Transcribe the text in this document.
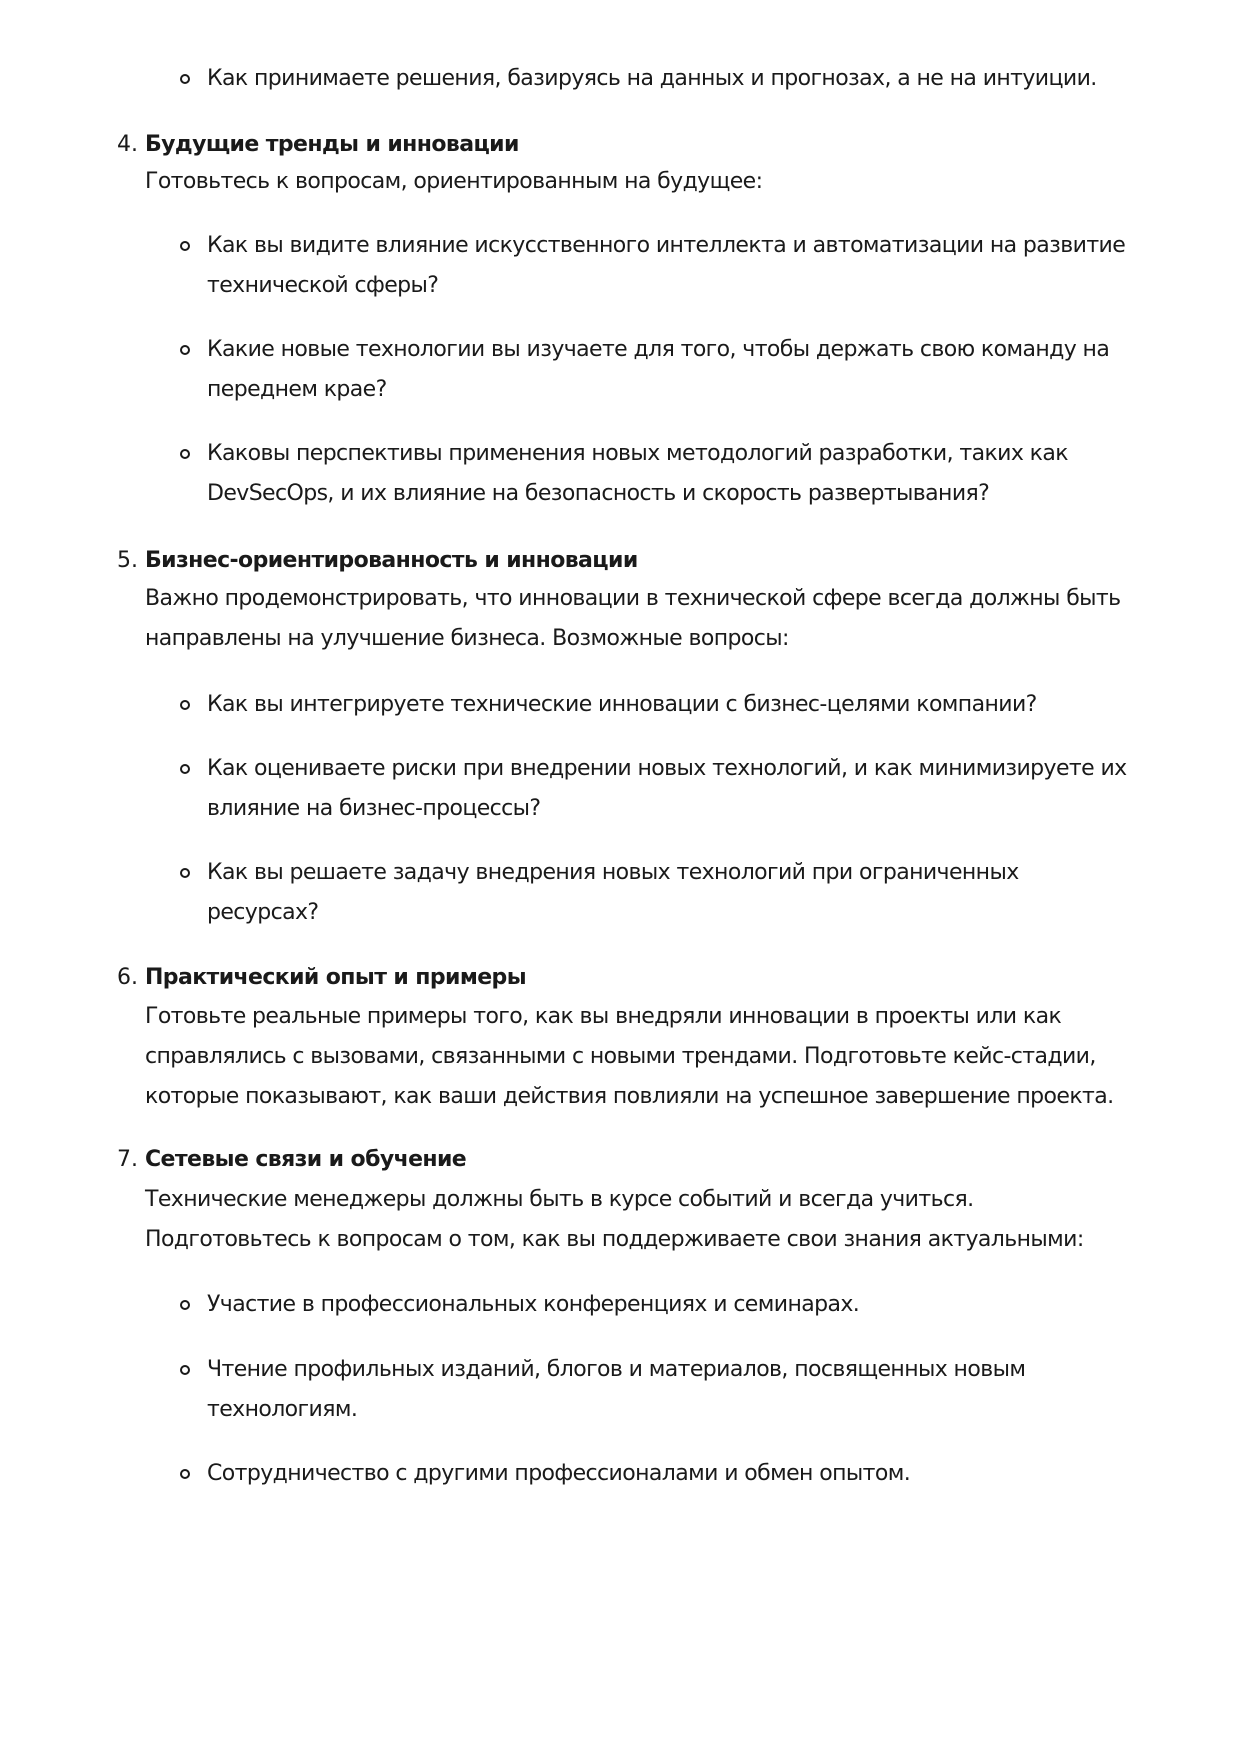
Как принимаете решения, базируясь на данных и прогнозах, а не на интуиции.
4. Будущие тренды и инновации
Готовьтесь к вопросам, ориентированным на будущее:
Как вы видите влияние искусственного интеллекта и автоматизации на развитие технической сферы?
Какие новые технологии вы изучаете для того, чтобы держать свою команду на переднем крае?
Каковы перспективы применения новых методологий разработки, таких как DevSecOps, и их влияние на безопасность и скорость развертывания?
5. Бизнес-ориентированность и инновации
Важно продемонстрировать, что инновации в технической сфере всегда должны быть направлены на улучшение бизнеса. Возможные вопросы:
Как вы интегрируете технические инновации с бизнес-целями компании?
Как оцениваете риски при внедрении новых технологий, и как минимизируете их влияние на бизнес-процессы?
Как вы решаете задачу внедрения новых технологий при ограниченных ресурсах?
6. Практический опыт и примеры
Готовьте реальные примеры того, как вы внедряли инновации в проекты или как справлялись с вызовами, связанными с новыми трендами. Подготовьте кейс-стадии, которые показывают, как ваши действия повлияли на успешное завершение проекта.
7. Сетевые связи и обучение
Технические менеджеры должны быть в курсе событий и всегда учиться. Подготовьтесь к вопросам о том, как вы поддерживаете свои знания актуальными:
Участие в профессиональных конференциях и семинарах.
Чтение профильных изданий, блогов и материалов, посвященных новым технологиям.
Сотрудничество с другими профессионалами и обмен опытом.
